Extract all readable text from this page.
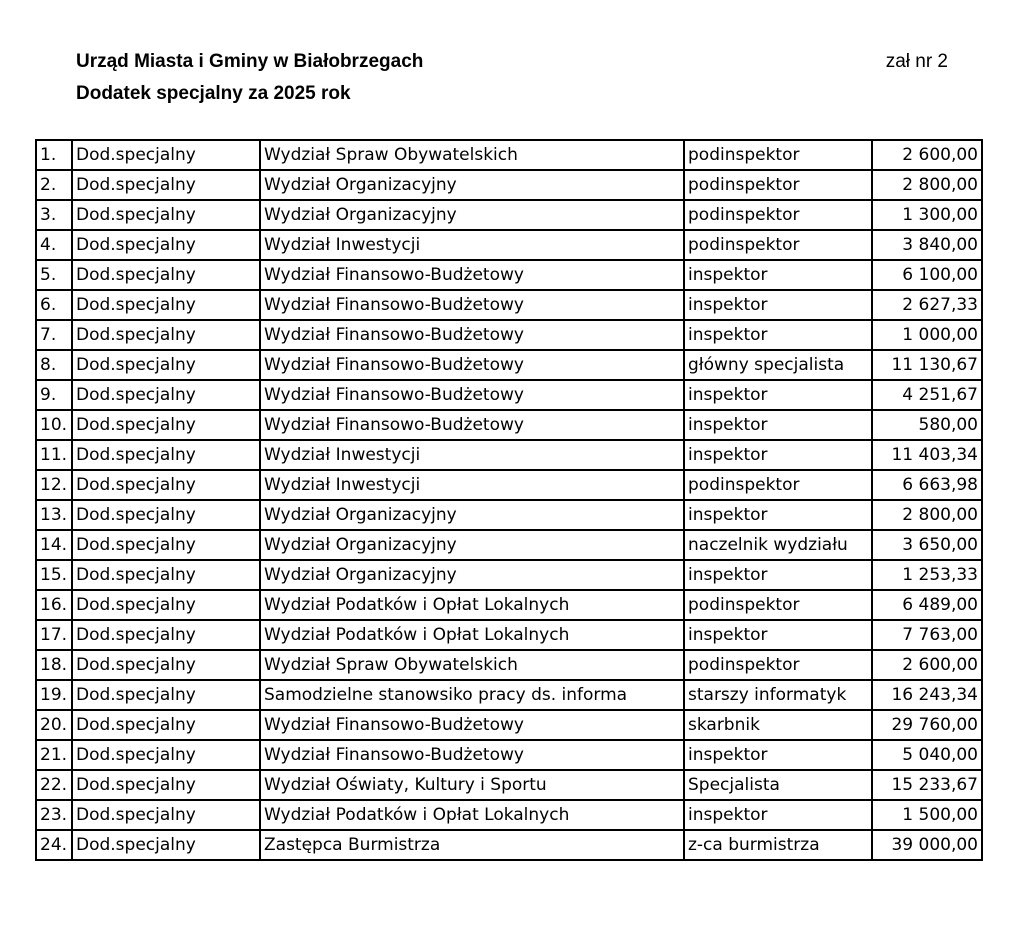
Urząd Miasta i Gminy w Białobrzegach
Dodatek specjalny za 2025 rok
zał nr 2
1.	Dod.specjalny	Wydział Spraw Obywatelskich	podinspektor	2 600,00
2.	Dod.specjalny	Wydział Organizacyjny	podinspektor	2 800,00
3.	Dod.specjalny	Wydział Organizacyjny	podinspektor	1 300,00
4.	Dod.specjalny	Wydział Inwestycji	podinspektor	3 840,00
5.	Dod.specjalny	Wydział Finansowo-Budżetowy	inspektor	6 100,00
6.	Dod.specjalny	Wydział Finansowo-Budżetowy	inspektor	2 627,33
7.	Dod.specjalny	Wydział Finansowo-Budżetowy	inspektor	1 000,00
8.	Dod.specjalny	Wydział Finansowo-Budżetowy	główny specjalista	11 130,67
9.	Dod.specjalny	Wydział Finansowo-Budżetowy	inspektor	4 251,67
10.	Dod.specjalny	Wydział Finansowo-Budżetowy	inspektor	580,00
11.	Dod.specjalny	Wydział Inwestycji	inspektor	11 403,34
12.	Dod.specjalny	Wydział Inwestycji	podinspektor	6 663,98
13.	Dod.specjalny	Wydział Organizacyjny	inspektor	2 800,00
14.	Dod.specjalny	Wydział Organizacyjny	naczelnik wydziału	3 650,00
15.	Dod.specjalny	Wydział Organizacyjny	inspektor	1 253,33
16.	Dod.specjalny	Wydział Podatków i Opłat Lokalnych	podinspektor	6 489,00
17.	Dod.specjalny	Wydział Podatków i Opłat Lokalnych	inspektor	7 763,00
18.	Dod.specjalny	Wydział Spraw Obywatelskich	podinspektor	2 600,00
19.	Dod.specjalny	Samodzielne stanowsiko pracy ds. informa	starszy informatyk	16 243,34
20.	Dod.specjalny	Wydział Finansowo-Budżetowy	skarbnik	29 760,00
21.	Dod.specjalny	Wydział Finansowo-Budżetowy	inspektor	5 040,00
22.	Dod.specjalny	Wydział Oświaty, Kultury i Sportu	Specjalista	15 233,67
23.	Dod.specjalny	Wydział Podatków i Opłat Lokalnych	inspektor	1 500,00
24.	Dod.specjalny	Zastępca Burmistrza	z-ca burmistrza	39 000,00
